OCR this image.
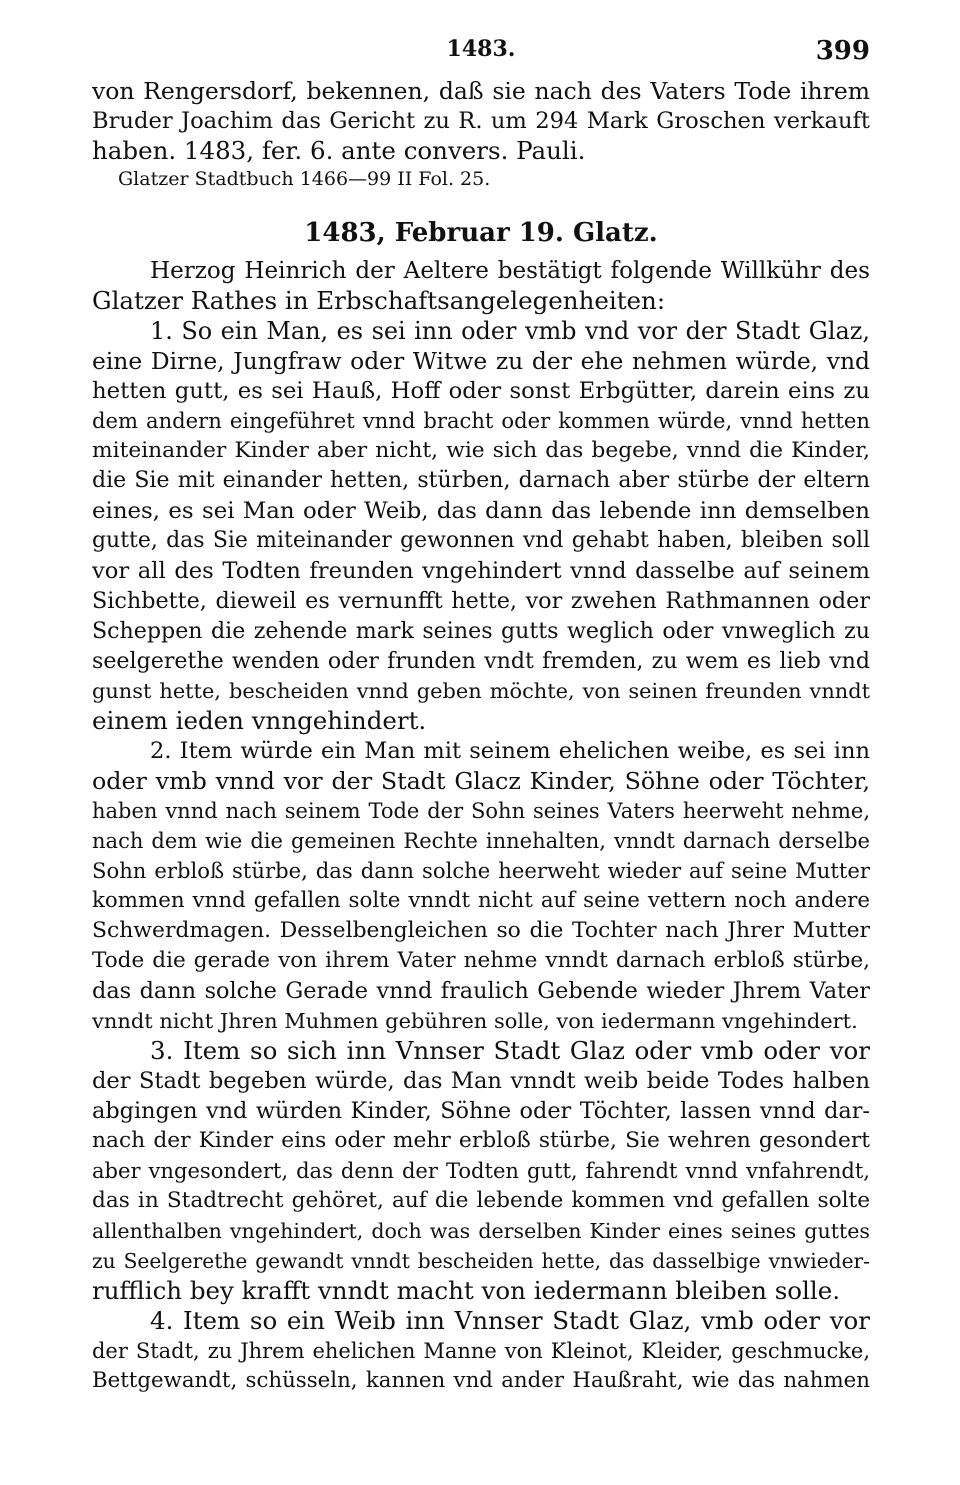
1483.	399
von Rengersdorf, bekennen, daß sie nach des Vaters Tode ihrem
Bruder Joachim das Gericht zu R. um 294 Mark Groschen verkauft
haben. 1483, fer. 6. ante convers. Pauli.
Glatzer Stadtbuch 1466—99 II Fol. 25.
1483, Februar 19. Glatz.
Herzog Heinrich der Aeltere bestätigt folgende Willkühr des
Glatzer Rathes in Erbschaftsangelegenheiten:
1. So ein Man, es sei inn oder vmb vnd vor der Stadt Glaz,
eine Dirne, Jungfraw oder Witwe zu der ehe nehmen würde, vnd
hetten gutt, es sei Hauß, Hoff oder sonst Erbgütter, darein eins zu
dem andern eingeführet vnnd bracht oder kommen würde, vnnd hetten
miteinander Kinder aber nicht, wie sich das begebe, vnnd die Kinder,
die Sie mit einander hetten, stürben, darnach aber stürbe der eltern
eines, es sei Man oder Weib, das dann das lebende inn demselben
gutte, das Sie miteinander gewonnen vnd gehabt haben, bleiben soll
vor all des Todten freunden vngehindert vnnd dasselbe auf seinem
Sichbette, dieweil es vernunfft hette, vor zwehen Rathmannen oder
Scheppen die zehende mark seines gutts weglich oder vnweglich zu
seelgerethe wenden oder frunden vndt fremden, zu wem es lieb vnd
gunst hette, bescheiden vnnd geben möchte, von seinen freunden vnndt
einem ieden vnngehindert.
2. Item würde ein Man mit seinem ehelichen weibe, es sei inn
oder vmb vnnd vor der Stadt Glacz Kinder, Söhne oder Töchter,
haben vnnd nach seinem Tode der Sohn seines Vaters heerweht nehme,
nach dem wie die gemeinen Rechte innehalten, vnndt darnach derselbe
Sohn erbloß stürbe, das dann solche heerweht wieder auf seine Mutter
kommen vnnd gefallen solte vnndt nicht auf seine vettern noch andere
Schwerdmagen. Desselbengleichen so die Tochter nach Jhrer Mutter
Tode die gerade von ihrem Vater nehme vnndt darnach erbloß stürbe,
das dann solche Gerade vnnd fraulich Gebende wieder Jhrem Vater
vnndt nicht Jhren Muhmen gebühren solle, von iedermann vngehindert.
3. Item so sich inn Vnnser Stadt Glaz oder vmb oder vor
der Stadt begeben würde, das Man vnndt weib beide Todes halben
abgingen vnd würden Kinder, Söhne oder Töchter, lassen vnnd dar-
nach der Kinder eins oder mehr erbloß stürbe, Sie wehren gesondert
aber vngesondert, das denn der Todten gutt, fahrendt vnnd vnfahrendt,
das in Stadtrecht gehöret, auf die lebende kommen vnd gefallen solte
allenthalben vngehindert, doch was derselben Kinder eines seines guttes
zu Seelgerethe gewandt vnndt bescheiden hette, das dasselbige vnwieder-
rufflich bey krafft vnndt macht von iedermann bleiben solle.
4. Item so ein Weib inn Vnnser Stadt Glaz, vmb oder vor
der Stadt, zu Jhrem ehelichen Manne von Kleinot, Kleider, geschmucke,
Bettgewandt, schüsseln, kannen vnd ander Haußraht, wie das nahmen
